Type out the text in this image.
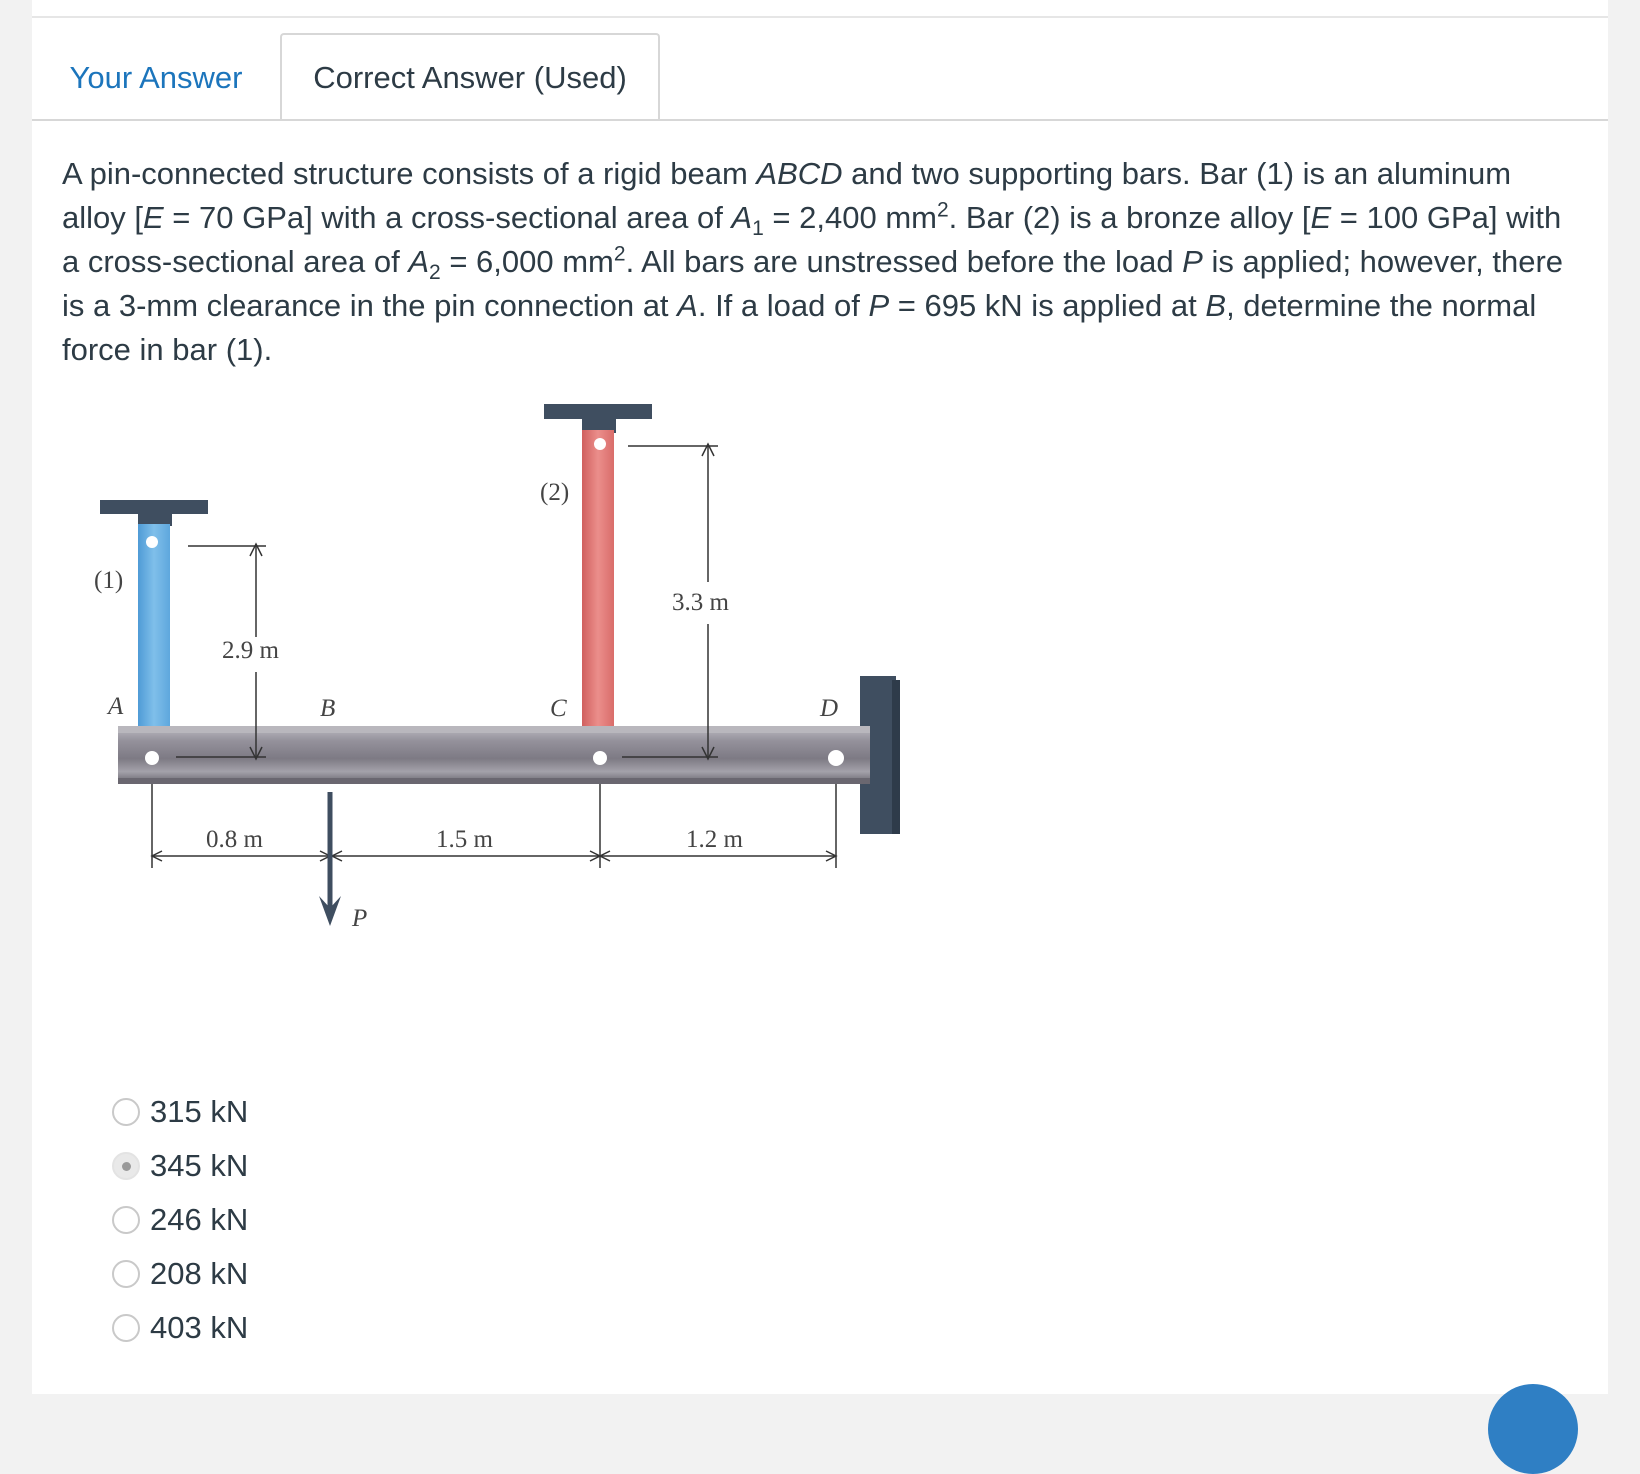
Your Answer	Correct Answer (Used)
A pin-connected structure consists of a rigid beam ABCD and two supporting bars. Bar (1) is an aluminum alloy [E = 70 GPa] with a cross-sectional area of $A_1 = 2,400$ $mm^2$. Bar (2) is a bronze alloy [E = 100 GPa] with a cross-sectional area of $A_2 = 6,000$ $mm^2$. All bars are unstressed before the load P is applied; however, there is a 3-mm clearance in the pin connection at A. If a load of P = 695 kN is applied at B, determine the normal force in bar (1).
(1)
(2)
2.9 m
3.3 m
0.8 m	1.5 m	1.2 m
A	B	C	D
P
315 kN
345 kN
246 kN
208 kN
403 kN
